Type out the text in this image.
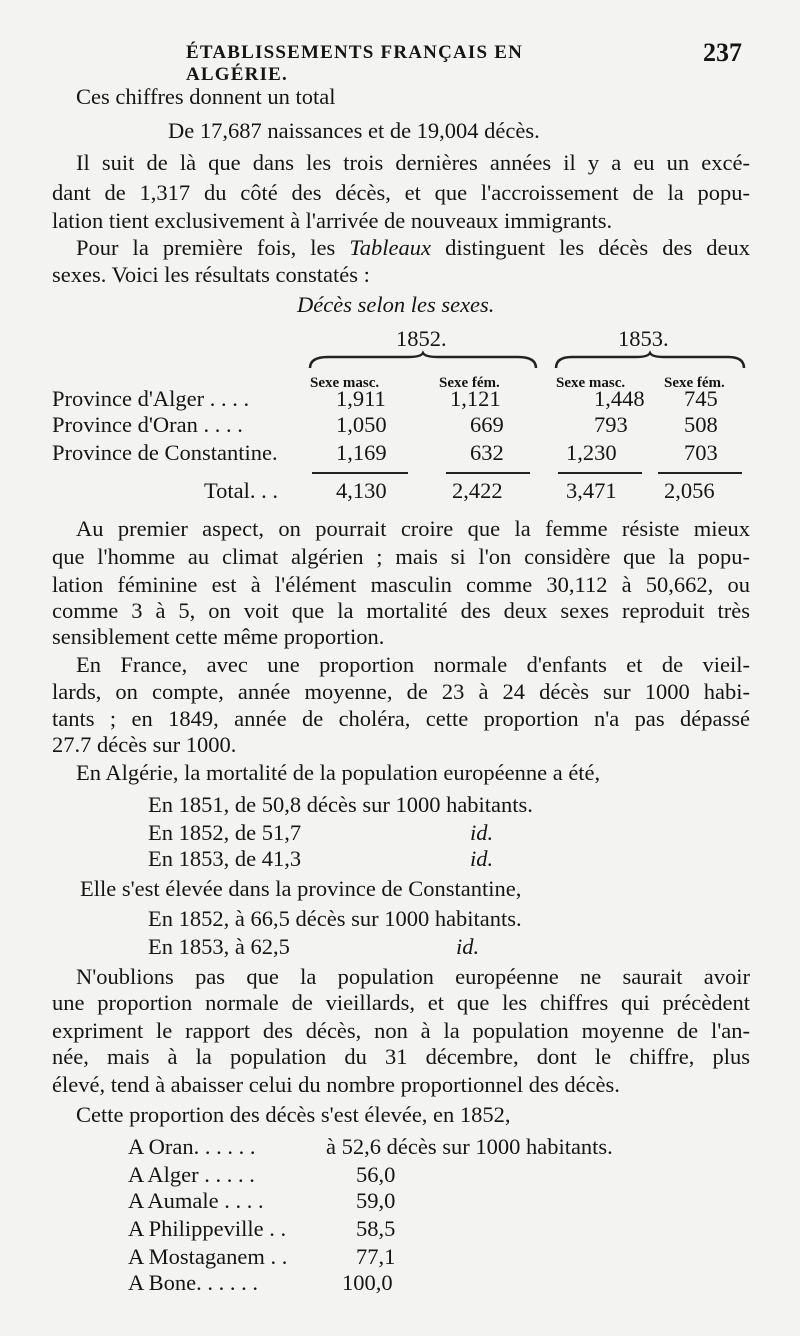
ÉTABLISSEMENTS FRANÇAIS EN ALGÉRIE.
237
Ces chiffres donnent un total
De 17,687 naissances et de 19,004 décès.
Il suit de là que dans les trois dernières années il y a eu un excé-
dant de 1,317 du côté des décès, et que l'accroissement de la popu-
lation tient exclusivement à l'arrivée de nouveaux immigrants.
Pour la première fois, les Tableaux distinguent les décès des deux
sexes. Voici les résultats constatés :
Décès selon les sexes.
1852.	1853.
Sexe masc.	Sexe fém.	Sexe masc.	Sexe fém.
Province d'Alger . . . .	1,911	1,121	1,448 745
Province d'Oran . . . .	1,050	669	793	508
Province de Constantine.	1,169	632	1,230	703
Total. . .	4,130	2,422	3,471 2,056
Au premier aspect, on pourrait croire que la femme résiste mieux
que l'homme au climat algérien ; mais si l'on considère que la popu-
lation féminine est à l'élément masculin comme 30,112 à 50,662, ou
comme 3 à 5, on voit que la mortalité des deux sexes reproduit très
sensiblement cette même proportion.
En France, avec une proportion normale d'enfants et de vieil-
lards, on compte, année moyenne, de 23 à 24 décès sur 1000 habi-
tants ; en 1849, année de choléra, cette proportion n'a pas dépassé
27.7 décès sur 1000.
En Algérie, la mortalité de la population européenne a été,
En 1851, de 50,8 décès sur 1000 habitants.
En 1852, de 51,7	id.
En 1853, de 41,3	id.
Elle s'est élevée dans la province de Constantine,
En 1852, à 66,5 décès sur 1000 habitants.
En 1853, à 62,5	id.
N'oublions pas que la population européenne ne saurait avoir
une proportion normale de vieillards, et que les chiffres qui précèdent
expriment le rapport des décès, non à la population moyenne de l'an-
née, mais à la population du 31 décembre, dont le chiffre, plus
élevé, tend à abaisser celui du nombre proportionnel des décès.
Cette proportion des décès s'est élevée, en 1852,
A Oran. . . . . .	à 52,6 décès sur 1000 habitants.
A Alger . . . . .	56,0
A Aumale . . . .	59,0
A Philippeville . .	58,5
A Mostaganem . .	77,1
A Bone. . . . . .	100,0
